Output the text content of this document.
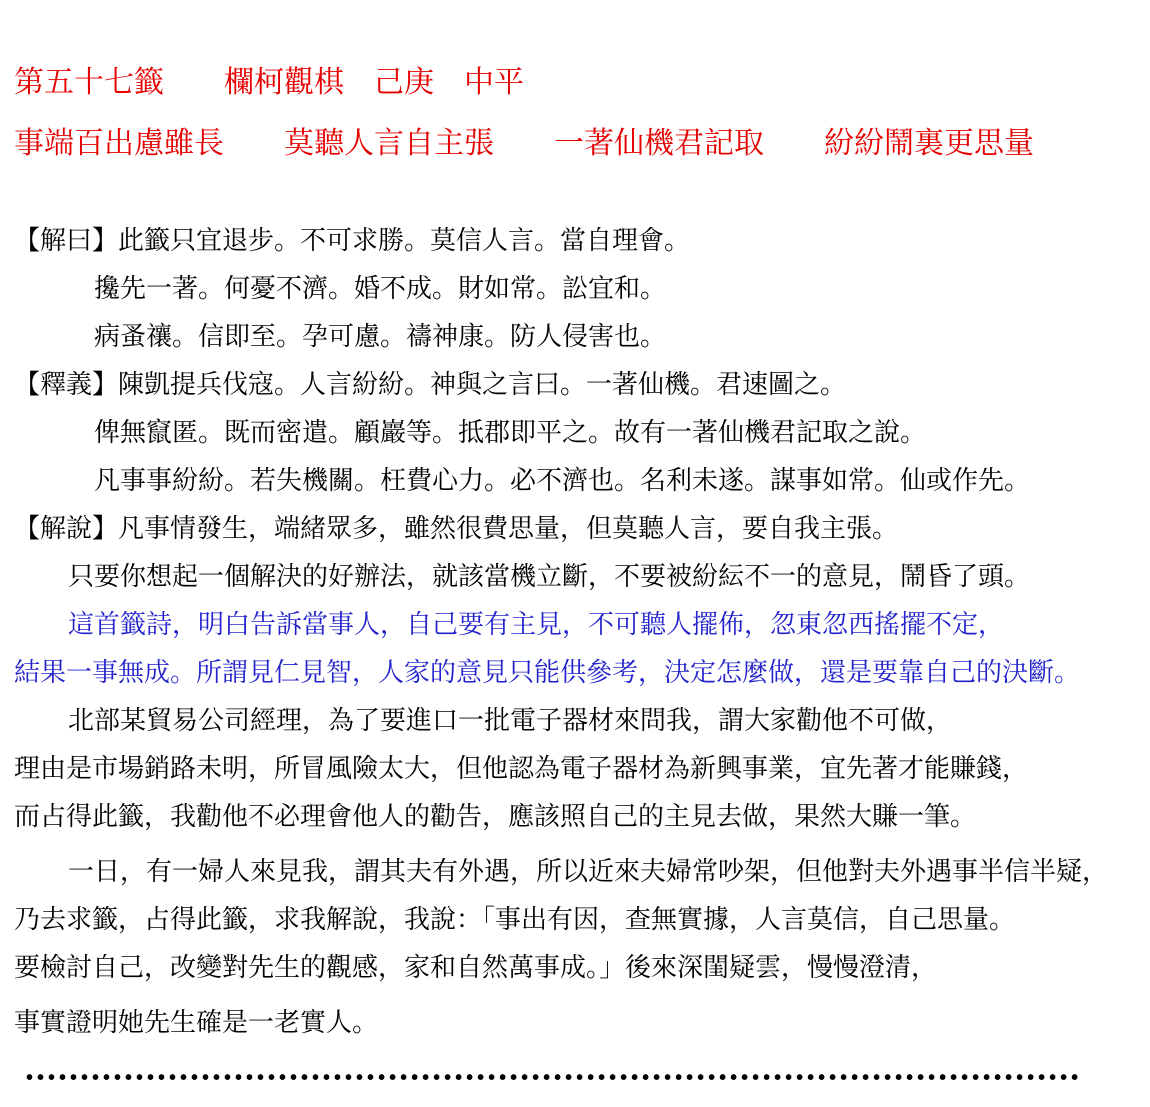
第五十七籤　　欄柯觀棋　己庚　中平
事端百出慮雖長　　莫聽人言自主張　　一著仙機君記取　　紛紛鬧裏更思量
【解曰】此籤只宜退步。不可求勝。莫信人言。當自理會。
攙先一著。何憂不濟。婚不成。財如常。訟宜和。
病蚤禳。信即至。孕可慮。禱神康。防人侵害也。
【釋義】陳凱提兵伐寇。人言紛紛。神與之言曰。一著仙機。君速圖之。
俾無竄匿。既而密遣。顧巖等。抵郡即平之。故有一著仙機君記取之說。
凡事事紛紛。若失機關。枉費心力。必不濟也。名利未遂。謀事如常。仙或作先。
【解說】凡事情發生，端緒眾多，雖然很費思量，但莫聽人言，要自我主張。
只要你想起一個解決的好辦法，就該當機立斷，不要被紛紜不一的意見，鬧昏了頭。
這首籤詩，明白告訴當事人，自己要有主見，不可聽人擺佈，忽東忽西搖擺不定，
結果一事無成。所謂見仁見智，人家的意見只能供參考，決定怎麼做，還是要靠自己的決斷。
北部某貿易公司經理，為了要進口一批電子器材來問我，謂大家勸他不可做，
理由是市場銷路未明，所冒風險太大，但他認為電子器材為新興事業，宜先著才能賺錢，
而占得此籤，我勸他不必理會他人的勸告，應該照自己的主見去做，果然大賺一筆。
一日，有一婦人來見我，謂其夫有外遇，所以近來夫婦常吵架，但他對夫外遇事半信半疑，
乃去求籤，占得此籤，求我解說，我說：「事出有因，查無實據，人言莫信，自己思量。
要檢討自己，改變對先生的觀感，家和自然萬事成。」後來深閨疑雲，慢慢澄清，
事實證明她先生確是一老實人。
••••••••••••••••••••••••••••••••••••••••••••••••••••••••••••••••••••••••••••••••••••••••••••••••
